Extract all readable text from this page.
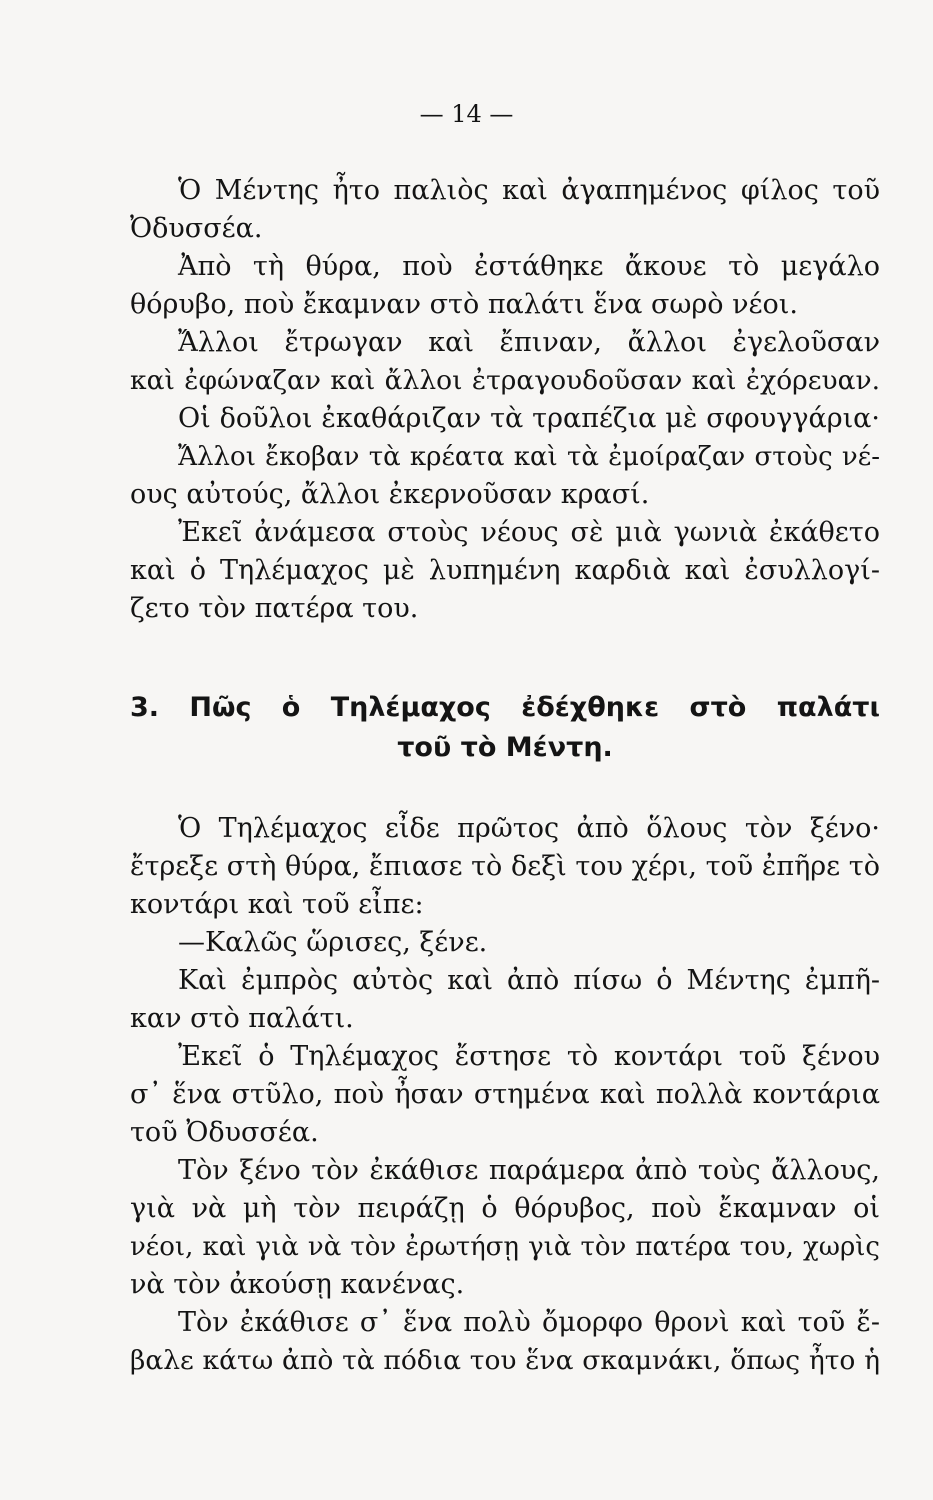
— 14 —
Ὁ Μέντης ἦτο παλιὸς καὶ ἀγαπημένος φίλος τοῦ
Ὀδυσσέα.
Ἀπὸ τὴ θύρα, ποὺ ἐστάθηκε ἄκουε τὸ μεγάλο
θόρυβο, ποὺ ἔκαμναν στὸ παλάτι ἕνα σωρὸ νέοι.
Ἄλλοι ἔτρωγαν καὶ ἔπιναν, ἄλλοι ἐγελοῦσαν
καὶ ἐφώναζαν καὶ ἄλλοι ἐτραγουδοῦσαν καὶ ἐχόρευαν.
Οἱ δοῦλοι ἐκαθάριζαν τὰ τραπέζια μὲ σφουγγάρια·
Ἄλλοι ἔκοβαν τὰ κρέατα καὶ τὰ ἐμοίραζαν στοὺς νέ-
ους αὐτούς, ἄλλοι ἐκερνοῦσαν κρασί.
Ἐκεῖ ἀνάμεσα στοὺς νέους σὲ μιὰ γωνιὰ ἐκάθετο
καὶ ὁ Τηλέμαχος μὲ λυπημένη καρδιὰ καὶ ἐσυλλογί-
ζετο τὸν πατέρα του.
3. Πῶς ὁ Τηλέμαχος ἐδέχθηκε στὸ παλάτι
τοῦ τὸ Μέντη.
Ὁ Τηλέμαχος εἶδε πρῶτος ἀπὸ ὅλους τὸν ξένο·
ἔτρεξε στὴ θύρα, ἔπιασε τὸ δεξὶ του χέρι, τοῦ ἐπῆρε τὸ
κοντάρι καὶ τοῦ εἶπε:
—Καλῶς ὥρισες, ξένε.
Καὶ ἐμπρὸς αὐτὸς καὶ ἀπὸ πίσω ὁ Μέντης ἐμπῆ-
καν στὸ παλάτι.
Ἐκεῖ ὁ Τηλέμαχος ἔστησε τὸ κοντάρι τοῦ ξένου
σ᾿ ἕνα στῦλο, ποὺ ἦσαν στημένα καὶ πολλὰ κοντάρια
τοῦ Ὀδυσσέα.
Τὸν ξένο τὸν ἐκάθισε παράμερα ἀπὸ τοὺς ἄλλους,
γιὰ νὰ μὴ τὸν πειράζῃ ὁ θόρυβος, ποὺ ἔκαμναν οἱ
νέοι, καὶ γιὰ νὰ τὸν ἐρωτήσῃ γιὰ τὸν πατέρα του, χωρὶς
νὰ τὸν ἀκούσῃ κανένας.
Τὸν ἐκάθισε σ᾿ ἕνα πολὺ ὄμορφο θρονὶ καὶ τοῦ ἔ-
βαλε κάτω ἀπὸ τὰ πόδια του ἕνα σκαμνάκι, ὅπως ἦτο ἡ
